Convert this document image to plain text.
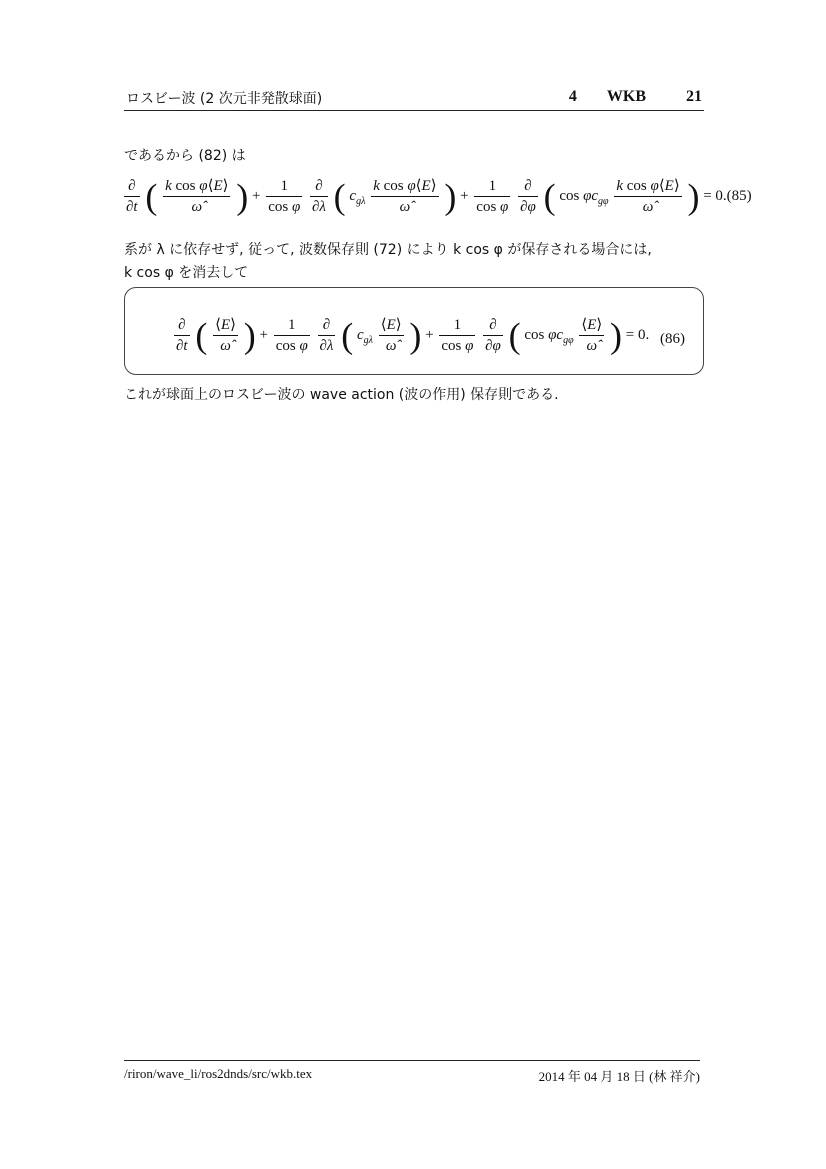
ロスビー波 (2 次元非発散球面)	4 WKB	21
であるから (82) は
$\frac{\partial}{\partial t}$ ( $\frac{\text{k cos φ⟨E⟩}}{\omegâ}$ ) + $\frac{1}{\text{cos φ}}$
$\frac{\partial}{\partial\lambda}$ ( $c_{g\lambda} \frac{\text{k cos φ⟨E⟩}}{\omegâ}$ ) + $\frac{1}{\text{cos φ}}$
$\frac{\partial}{\partial\varphi}$ ( $\cos \varphi c_{g\varphi} \frac{\text{k cos φ⟨E⟩}}{\omegâ}$ ) = 0.(85)
系が λ に依存せず, 従って, 波数保存則 (72) により k cos φ が保存される場合には,
k cos φ を消去して
$\frac{\partial}{\partial t}$ ( $\frac{⟨E⟩}{\omegâ}$ ) + $\frac{1}{\text{cos φ}}$
$\frac{\partial}{\partial\lambda}$ ( $c_{g\lambda} \frac{⟨E⟩}{\omegâ}$ ) + $\frac{1}{\text{cos φ}}$
$\frac{\partial}{\partial\varphi}$ ( $\cos \varphi c_{g\varphi} \frac{⟨E⟩}{\omegâ}$ ) = 0. (86)
これが球面上のロスビー波の wave action (波の作用) 保存則である.
/riron/wave_li/ros2dnds/src/wkb.tex	2014 年 04 月 18 日 (林 祥介)
